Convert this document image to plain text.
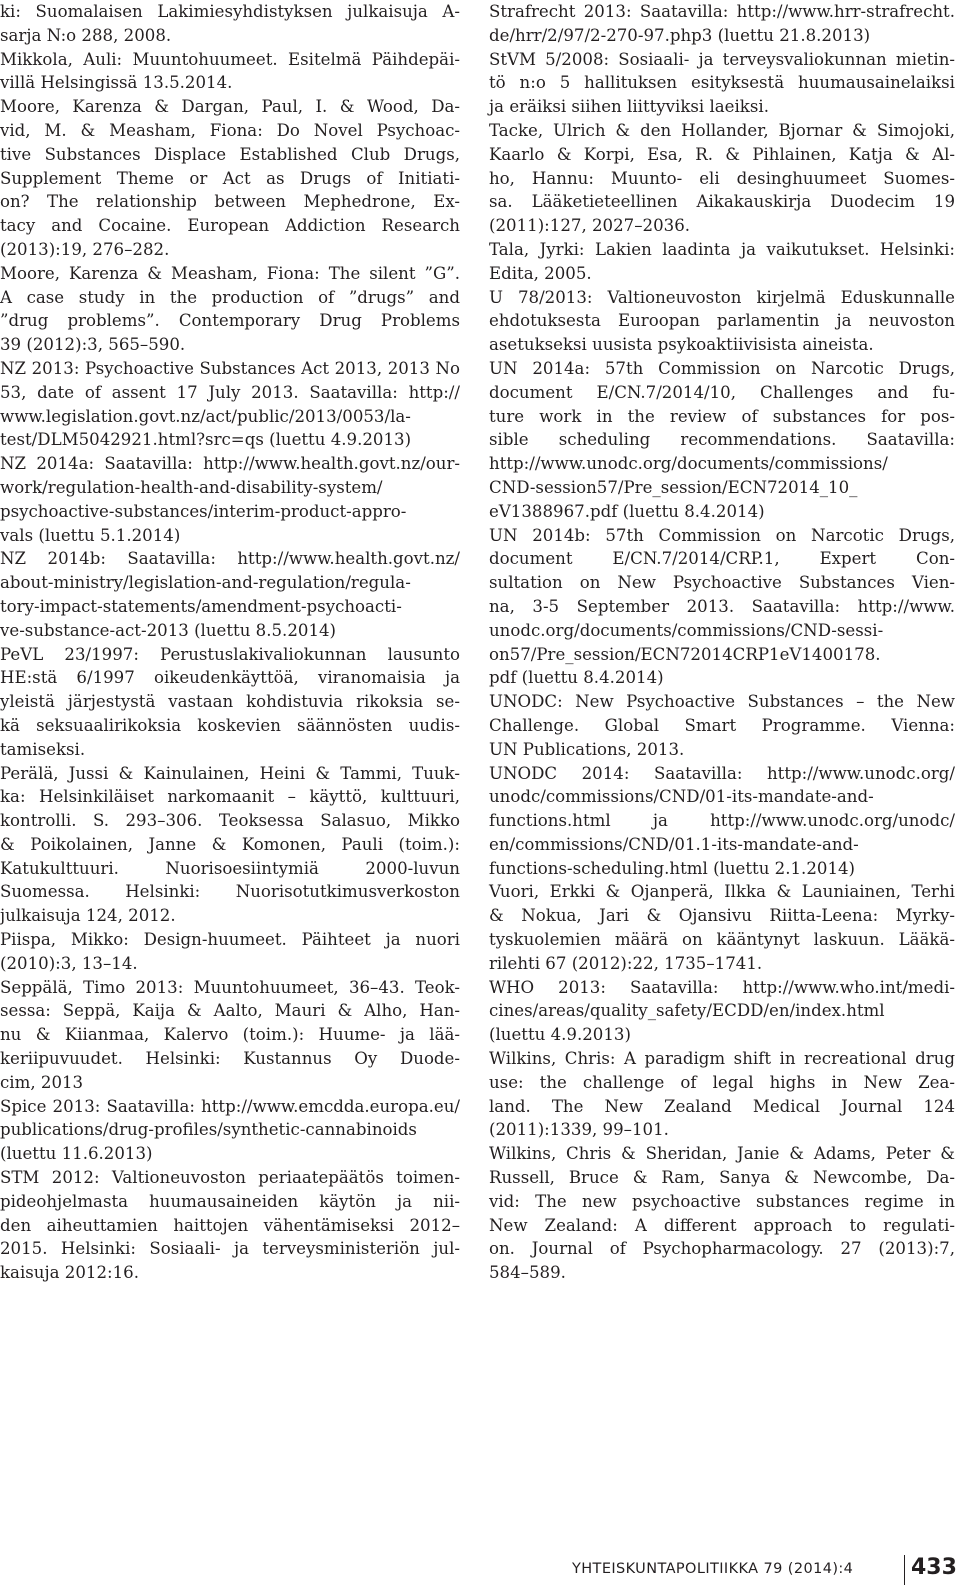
ki: Suomalaisen Lakimiesyhdistyksen julkaisuja A-
sarja N:o 288, 2008.

Mikkola, Auli: Muuntohuumeet. Esitelmä Päihdepäi-
villä Helsingissä 13.5.2014.

Moore, Karenza & Dargan, Paul, I. & Wood, Da-
vid, M. & Measham, Fiona: Do Novel Psychoac-
tive Substances Displace Established Club Drugs,
Supplement Theme or Act as Drugs of Initiati-
on? The relationship between Mephedrone, Ex-
tacy and Cocaine. European Addiction Research
(2013):19, 276–282.

Moore, Karenza & Measham, Fiona: The silent ”G”.
A case study in the production of ”drugs” and
”drug problems”. Contemporary Drug Problems
39 (2012):3, 565–590.

NZ 2013: Psychoactive Substances Act 2013, 2013 No
53, date of assent 17 July 2013. Saatavilla: http://
www.legislation.govt.nz/act/public/2013/0053/la-
test/DLM5042921.html?src=qs (luettu 4.9.2013)

NZ 2014a: Saatavilla: http://www.health.govt.nz/our-
work/regulation-health-and-disability-system/
psychoactive-substances/interim-product-appro-
vals (luettu 5.1.2014)

NZ 2014b: Saatavilla: http://www.health.govt.nz/
about-ministry/legislation-and-regulation/regula-
tory-impact-statements/amendment-psychoacti-
ve-substance-act-2013 (luettu 8.5.2014)

PeVL 23/1997: Perustuslakivaliokunnan lausunto
HE:stä 6/1997 oikeudenkäyttöä, viranomaisia ja
yleistä järjestystä vastaan kohdistuvia rikoksia se-
kä seksuaalirikoksia koskevien säännösten uudis-
tamiseksi.

Perälä, Jussi & Kainulainen, Heini & Tammi, Tuuk-
ka: Helsinkiläiset narkomaanit – käyttö, kulttuuri,
kontrolli. S. 293–306. Teoksessa Salasuo, Mikko
& Poikolainen, Janne & Komonen, Pauli (toim.):
Katukulttuuri. Nuorisoesiintymiä 2000-luvun
Suomessa. Helsinki: Nuorisotutkimusverkoston
julkaisuja 124, 2012.

Piispa, Mikko: Design-huumeet. Päihteet ja nuori
(2010):3, 13–14.

Seppälä, Timo 2013: Muuntohuumeet, 36–43. Teok-
sessa: Seppä, Kaija & Aalto, Mauri & Alho, Han-
nu & Kiianmaa, Kalervo (toim.): Huume- ja lää-
keriipuvuudet. Helsinki: Kustannus Oy Duode-
cim, 2013

Spice 2013: Saatavilla: http://www.emcdda.europa.eu/
publications/drug-profiles/synthetic-cannabinoids
(luettu 11.6.2013)

STM 2012: Valtioneuvoston periaatepäätös toimen-
pideohjelmasta huumausaineiden käytön ja nii-
den aiheuttamien haittojen vähentämiseksi 2012–
2015. Helsinki: Sosiaali- ja terveysministeriön jul-
kaisuja 2012:16.

Strafrecht 2013: Saatavilla: http://www.hrr-strafrecht.
de/hrr/2/97/2-270-97.php3 (luettu 21.8.2013)

StVM 5/2008: Sosiaali- ja terveysvaliokunnan mietin-
tö n:o 5 hallituksen esityksestä huumausainelaiksi
ja eräiksi siihen liittyviksi laeiksi.

Tacke, Ulrich & den Hollander, Bjornar & Simojoki,
Kaarlo & Korpi, Esa, R. & Pihlainen, Katja & Al-
ho, Hannu: Muunto- eli desinghuumeet Suomes-
sa. Lääketieteellinen Aikakauskirja Duodecim 19
(2011):127, 2027–2036.

Tala, Jyrki: Lakien laadinta ja vaikutukset. Helsinki:
Edita, 2005.

U 78/2013: Valtioneuvoston kirjelmä Eduskunnalle
ehdotuksesta Euroopan parlamentin ja neuvoston
asetukseksi uusista psykoaktiivisista aineista.

UN 2014a: 57th Commission on Narcotic Drugs,
document E/CN.7/2014/10, Challenges and fu-
ture work in the review of substances for pos-
sible scheduling recommendations. Saatavilla:
http://www.unodc.org/documents/commissions/
CND-session57/Pre_session/ECN72014_10_
eV1388967.pdf (luettu 8.4.2014)

UN 2014b: 57th Commission on Narcotic Drugs,
document E/CN.7/2014/CRP.1, Expert Con-
sultation on New Psychoactive Substances Vien-
na, 3-5 September 2013. Saatavilla: http://www.
unodc.org/documents/commissions/CND-sessi-
on57/Pre_session/ECN72014CRP1eV1400178.
pdf (luettu 8.4.2014)

UNODC: New Psychoactive Substances – the New
Challenge. Global Smart Programme. Vienna:
UN Publications, 2013.

UNODC 2014: Saatavilla: http://www.unodc.org/
unodc/commissions/CND/01-its-mandate-and-
functions.html ja http://www.unodc.org/unodc/
en/commissions/CND/01.1-its-mandate-and-
functions-scheduling.html (luettu 2.1.2014)

Vuori, Erkki & Ojanperä, Ilkka & Launiainen, Terhi
& Nokua, Jari & Ojansivu Riitta-Leena: Myrky-
tyskuolemien määrä on kääntynyt laskuun. Lääkä-
rilehti 67 (2012):22, 1735–1741.

WHO 2013: Saatavilla: http://www.who.int/medi-
cines/areas/quality_safety/ECDD/en/index.html
(luettu 4.9.2013)

Wilkins, Chris: A paradigm shift in recreational drug
use: the challenge of legal highs in New Zea-
land. The New Zealand Medical Journal 124
(2011):1339, 99–101.

Wilkins, Chris & Sheridan, Janie & Adams, Peter &
Russell, Bruce & Ram, Sanya & Newcombe, Da-
vid: The new psychoactive substances regime in
New Zealand: A different approach to regulati-
on. Journal of Psychopharmacology. 27 (2013):7,
584–589.

YHTEISKUNTAPOLITIIKKA 79 (2014):4	433
